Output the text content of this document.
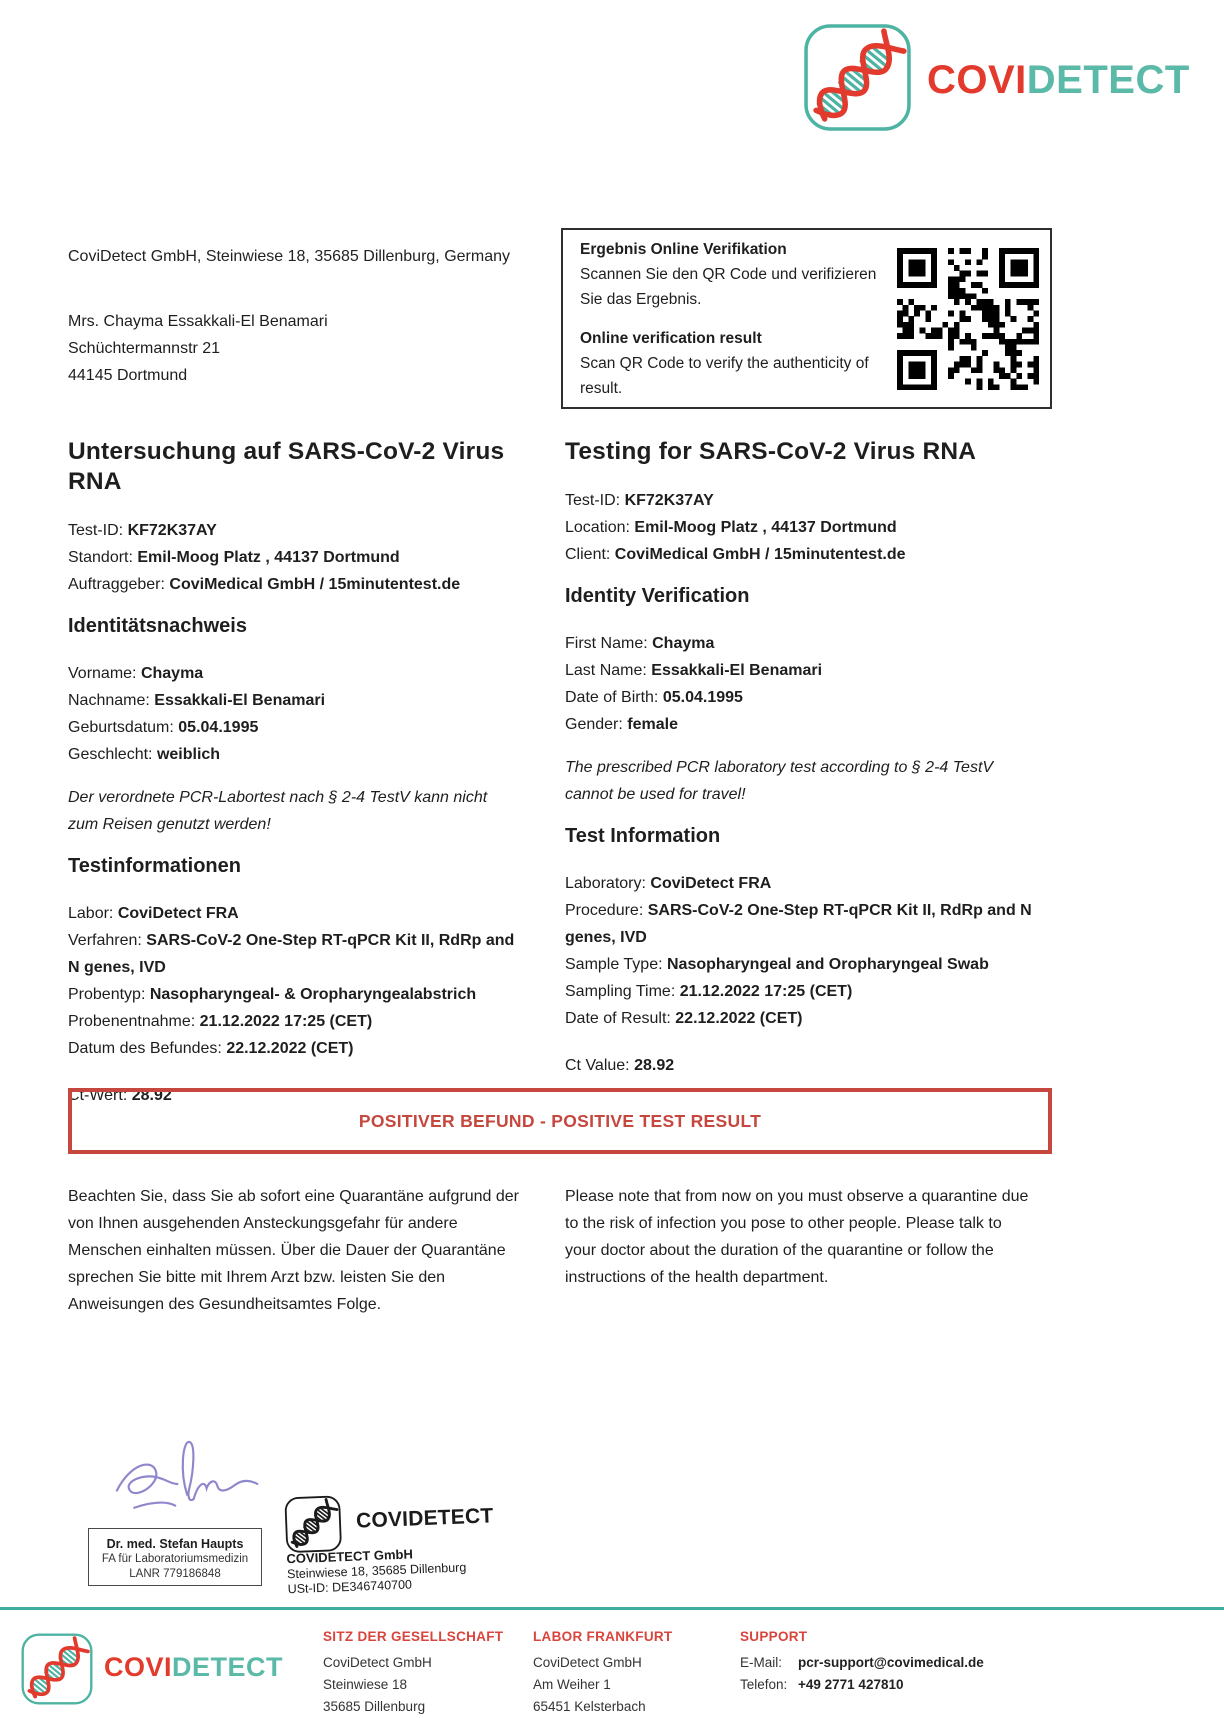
COVIDETECT
CoviDetect GmbH, Steinwiese 18, 35685 Dillenburg, Germany
Mrs. Chayma Essakkali-El Benamari
Schüchtermannstr 21
44145 Dortmund
Ergebnis Online Verifikation
Scannen Sie den QR Code und verifizieren Sie das Ergebnis.
Online verification result
Scan QR Code to verify the authenticity of result.
Untersuchung auf SARS-CoV-2 Virus RNA
Test-ID: KF72K37AY
Standort: Emil-Moog Platz , 44137 Dortmund
Auftraggeber: CoviMedical GmbH / 15minutentest.de
Identitätsnachweis
Vorname: Chayma
Nachname: Essakkali-El Benamari
Geburtsdatum: 05.04.1995
Geschlecht: weiblich

Der verordnete PCR-Labortest nach § 2-4 TestV kann nicht zum Reisen genutzt werden!

Testinformationen
Labor: CoviDetect FRA
Verfahren: SARS-CoV-2 One-Step RT-qPCR Kit II, RdRp and N genes, IVD
Probentyp: Nasopharyngeal- & Oropharyngealabstrich
Probenentnahme: 21.12.2022 17:25 (CET)
Datum des Befundes: 22.12.2022 (CET)
Ct-Wert: 28.92
Testing for SARS-CoV-2 Virus RNA
Test-ID: KF72K37AY
Location: Emil-Moog Platz , 44137 Dortmund
Client: CoviMedical GmbH / 15minutentest.de
Identity Verification
First Name: Chayma
Last Name: Essakkali-El Benamari
Date of Birth: 05.04.1995
Gender: female

The prescribed PCR laboratory test according to § 2-4 TestV cannot be used for travel!

Test Information
Laboratory: CoviDetect FRA
Procedure: SARS-CoV-2 One-Step RT-qPCR Kit II, RdRp and N genes, IVD
Sample Type: Nasopharyngeal and Oropharyngeal Swab
Sampling Time: 21.12.2022 17:25 (CET)
Date of Result: 22.12.2022 (CET)
Ct Value: 28.92
POSITIVER BEFUND - POSITIVE TEST RESULT

Beachten Sie, dass Sie ab sofort eine Quarantäne aufgrund der von Ihnen ausgehenden Ansteckungsgefahr für andere Menschen einhalten müssen. Über die Dauer der Quarantäne sprechen Sie bitte mit Ihrem Arzt bzw. leisten Sie den Anweisungen des Gesundheitsamtes Folge.

Please note that from now on you must observe a quarantine due to the risk of infection you pose to other people. Please talk to your doctor about the duration of the quarantine or follow the instructions of the health department.

Dr. med. Stefan Haupts
FA für Laboratoriumsmedizin
LANR 779186848
COVIDETECT
COVIDETECT GmbH
Steinwiese 18, 35685 Dillenburg
USt-ID: DE346740700
COVIDETECT
SITZ DER GESELLSCHAFT
CoviDetect GmbH
Steinwiese 18
35685 Dillenburg
LABOR FRANKFURT
CoviDetect GmbH
Am Weiher 1
65451 Kelsterbach
SUPPORT
E-Mail: pcr-support@covimedical.de
Telefon: +49 2771 427810
